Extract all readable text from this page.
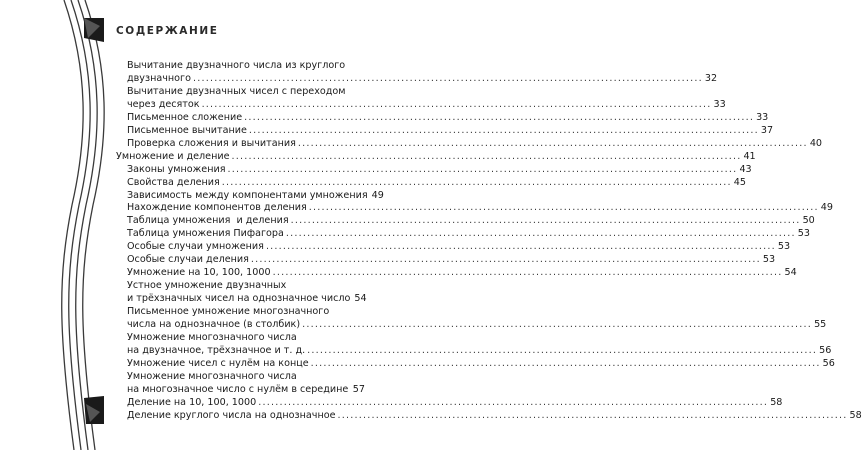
СОДЕРЖАНИЕ
Вычитание двузначного числа из круглого
двузначного ........................................................................................................................ 32
Вычитание двузначных чисел с переходом
через десяток ........................................................................................................................ 33
Письменное сложение ........................................................................................................................ 33
Письменное вычитание ........................................................................................................................ 37
Проверка сложения и вычитания ........................................................................................................................ 40
Умножение и деление ........................................................................................................................ 41
Законы умножения ........................................................................................................................ 43
Свойства деления ........................................................................................................................ 45
Зависимость между компонентами умножения 49
Нахождение компонентов деления ........................................................................................................................ 49
Таблица умножения  и деления ........................................................................................................................ 50
Таблица умножения Пифагора ........................................................................................................................ 53
Особые случаи умножения ........................................................................................................................ 53
Особые случаи деления ........................................................................................................................ 53
Умножение на 10, 100, 1000 ........................................................................................................................ 54
Устное умножение двузначных
и трёхзначных чисел на однозначное число 54
Письменное умножение многозначного
числа на однозначное (в столбик) ........................................................................................................................ 55
Умножение многозначного числа
на двузначное, трёхзначное и т. д. ........................................................................................................................ 56
Умножение чисел с нулём на конце ........................................................................................................................ 56
Умножение многозначного числа
на многозначное число с нулём в середине 57
Деление на 10, 100, 1000 ........................................................................................................................ 58
Деление круглого числа на однозначное ........................................................................................................................ 58
